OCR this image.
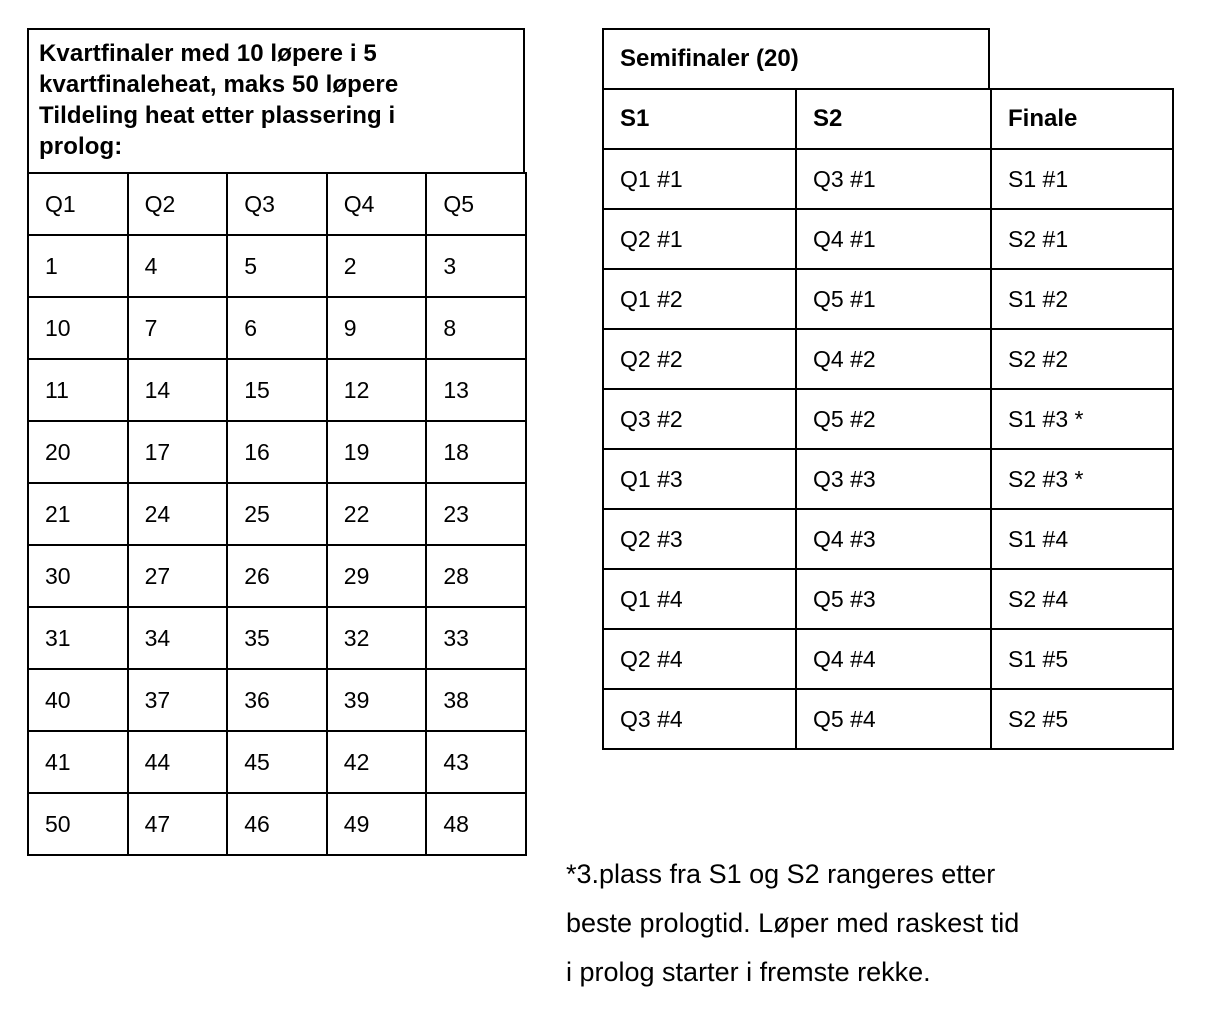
Kvartfinaler med 10 løpere i 5
kvartfinaleheat, maks 50 løpere
Tildeling heat etter plassering i
prolog:
Q1	Q2	Q3	Q4	Q5
1	4	5	2	3
10	7	6	9	8
11	14	15	12	13
20	17	16	19	18
21	24	25	22	23
30	27	26	29	28
31	34	35	32	33
40	37	36	39	38
41	44	45	42	43
50	47	46	49	48
Semifinaler (20)
S1	S2	Finale
Q1 #1	Q3 #1	S1 #1
Q2 #1	Q4 #1	S2 #1
Q1 #2	Q5 #1	S1 #2
Q2 #2	Q4 #2	S2 #2
Q3 #2	Q5 #2	S1 #3 *
Q1 #3	Q3 #3	S2 #3 *
Q2 #3	Q4 #3	S1 #4
Q1 #4	Q5 #3	S2 #4
Q2 #4	Q4 #4	S1 #5
Q3 #4	Q5 #4	S2 #5
*3.plass fra S1 og S2 rangeres etter
beste prologtid. Løper med raskest tid
i prolog starter i fremste rekke.
